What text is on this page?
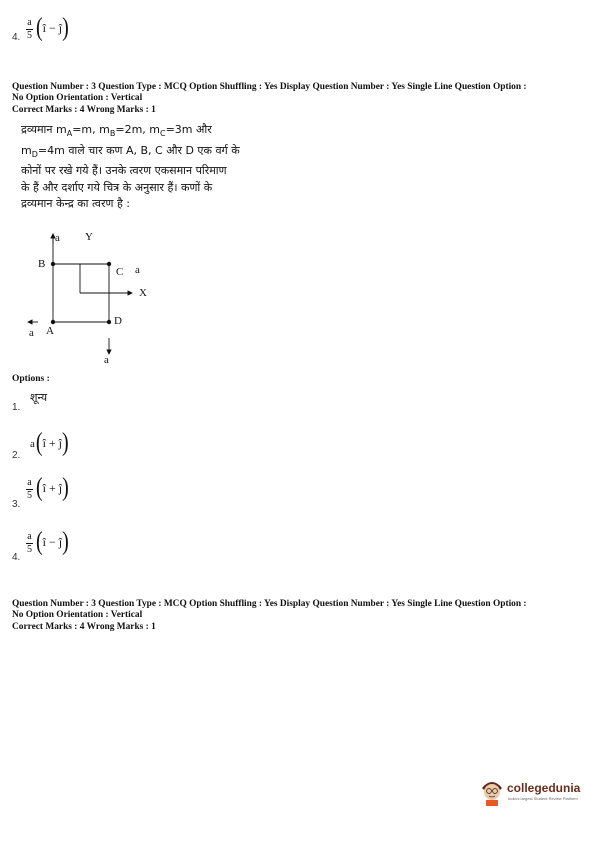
4.
a
5 ( î − ĵ )
Question Number : 3 Question Type : MCQ Option Shuffling : Yes Display Question Number : Yes Single Line Question Option :
No Option Orientation : Vertical
Correct Marks : 4 Wrong Marks : 1
द्रव्यमान $m_A=m$, $m_B=2m$, $m_C=3m$ और
$m_D=4m$ वाले चार कण A, B, C और D एक वर्ग के
कोनों पर रखे गये हैं। उनके त्वरण एकसमान परिमाण
के हैं और दर्शाए गये चित्र के अनुसार हैं। कणों के
द्रव्यमान केन्द्र का त्वरण है :
a Y
B
C a
X
D
a A
a
Options :
1.
शून्य
2.
a ( î + ĵ )
3.
a
5 ( î + ĵ )
4.
a
5 ( î − ĵ )
Question Number : 3 Question Type : MCQ Option Shuffling : Yes Display Question Number : Yes Single Line Question Option :
No Option Orientation : Vertical
Correct Marks : 4 Wrong Marks : 1
collegedunia
India's largest Student Review Platform
